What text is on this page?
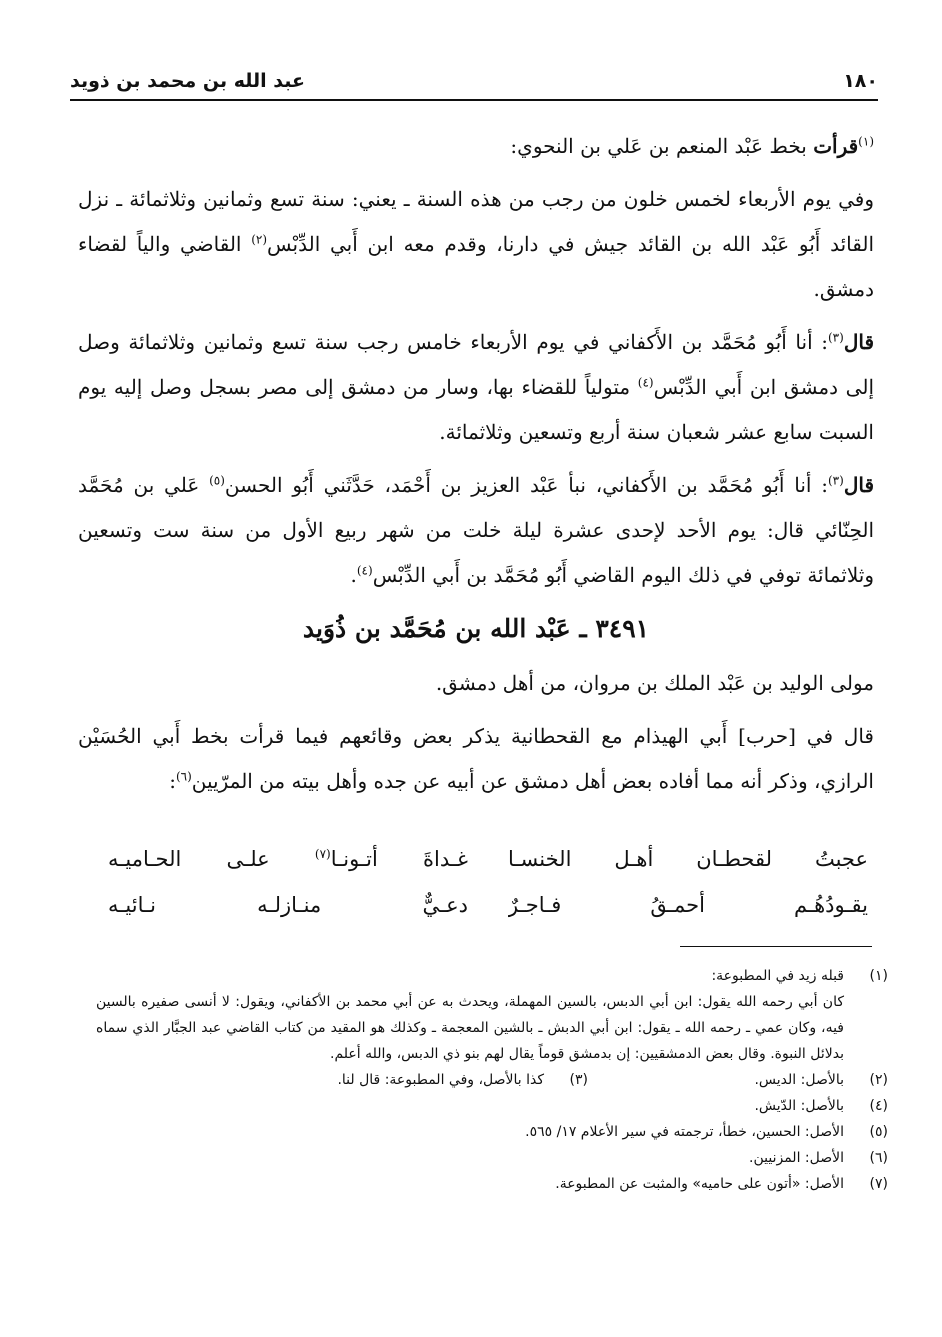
١٨٠
عبد الله بن محمد بن ذويد

$^{(١)}$قرأت بخط عَبْد المنعم بن عَلي بن النحوي:

وفي يوم الأربعاء لخمس خلون من رجب من هذه السنة ـ يعني: سنة تسع وثمانين وثلاثمائة ـ نزل القائد أَبُو عَبْد الله بن القائد جيش في دارنا، وقدم معه ابن أَبي الدِّبْس$^{(٢)}$ القاضي والياً لقضاء دمشق.

قال$^{(٣)}$: أنا أَبُو مُحَمَّد بن الأَكفاني في يوم الأربعاء خامس رجب سنة تسع وثمانين وثلاثمائة وصل إلى دمشق ابن أَبي الدِّبْس$^{(٤)}$ متولياً للقضاء بها، وسار من دمشق إلى مصر بسجل وصل إليه يوم السبت سابع عشر شعبان سنة أربع وتسعين وثلاثمائة.

قال$^{(٣)}$: أنا أَبُو مُحَمَّد بن الأَكفاني، نبأ عَبْد العزيز بن أَحْمَد، حَدَّثَني أَبُو الحسن$^{(٥)}$ عَلي بن مُحَمَّد الحِنّائي قال: يوم الأحد لإحدى عشرة ليلة خلت من شهر ربيع الأول من سنة ست وتسعين وثلاثمائة توفي في ذلك اليوم القاضي أَبُو مُحَمَّد بن أَبي الدِّبْس$^{(٤)}$.

٣٤٩١ ـ عَبْد الله بن مُحَمَّد بن ذُوَيد

مولى الوليد بن عَبْد الملك بن مروان، من أهل دمشق.

قال في [حرب] أَبي الهيذام مع القحطانية يذكر بعض وقائعهم فيما قرأت بخط أَبي الحُسَيْن الرازي، وذكر أنه مما أفاده بعض أهل دمشق عن أبيه عن جده وأهل بيته من المرّيين$^{(٦)}$:

عجبتُ لقحطـان أهـل الخنسـا
غـداةَ أتـونـا$^{(٧)}$ علـى الحـاميـه
يقـودُهُـم أحمـقُ فـاجـرٌ
دعـيٌّ منـازلـه نـائيـه
(١)
قبله زيد في المطبوعة:
كان أبي رحمه الله يقول: ابن أبي الدبس، بالسين المهملة، ويحدث به عن أبي محمد بن الأكفاني، ويقول: لا أنسى صفيره بالسين فيه، وكان عمي ـ رحمه الله ـ يقول: ابن أبي الدبش ـ بالشين المعجمة ـ وكذلك هو المقيد من كتاب القاضي عبد الجبَّار الذي سماه بدلائل النبوة. وقال بعض الدمشقيين: إن بدمشق قوماً يقال لهم بنو ذي الدبس، والله أعلم.
(٢)
بالأصل: الديس.
(٣)
كذا بالأصل، وفي المطبوعة: قال لنا.
(٤)
بالأصل: الدّيش.
(٥)
الأصل: الحسين، خطأ، ترجمته في سير الأعلام ١٧/ ٥٦٥.
(٦)
الأصل: المزنيين.
(٧)
الأصل: «أتون على حاميه» والمثبت عن المطبوعة.
